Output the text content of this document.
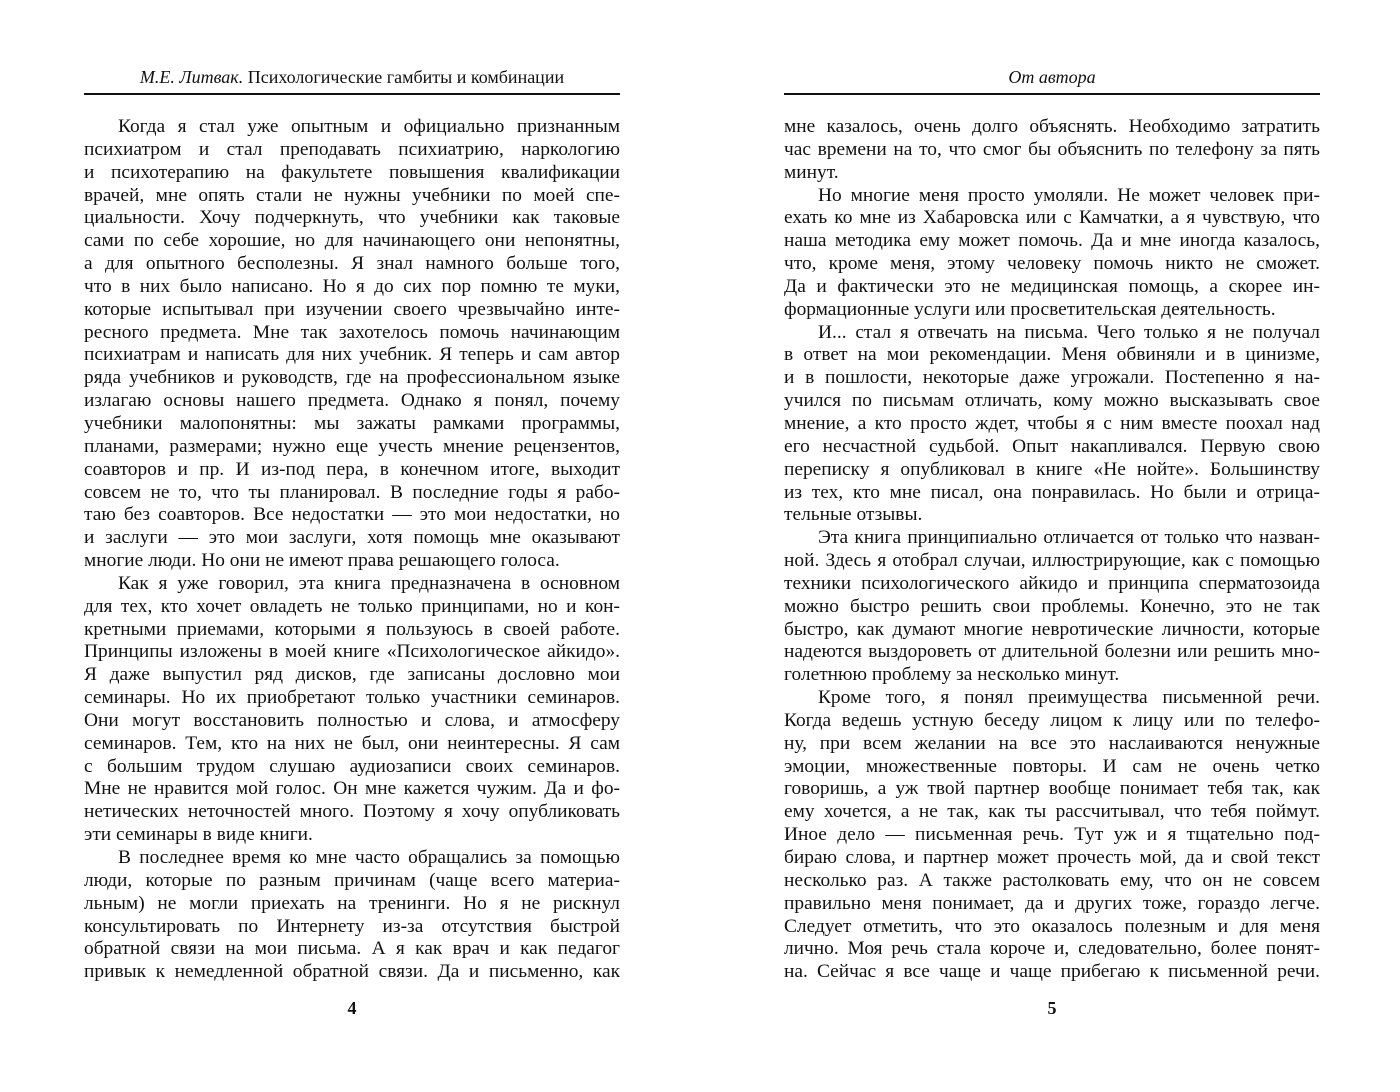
М.Е. Литвак. Психологические гамбиты и комбинации

Когда я стал уже опытным и официально признанным
психиатром и стал преподавать психиатрию, наркологию
и психотерапию на факультете повышения квалификации
врачей, мне опять стали не нужны учебники по моей спе-
циальности. Хочу подчеркнуть, что учебники как таковые
сами по себе хорошие, но для начинающего они непонятны,
а для опытного бесполезны. Я знал намного больше того,
что в них было написано. Но я до сих пор помню те муки,
которые испытывал при изучении своего чрезвычайно инте-
ресного предмета. Мне так захотелось помочь начинающим
психиатрам и написать для них учебник. Я теперь и сам автор
ряда учебников и руководств, где на профессиональном языке
излагаю основы нашего предмета. Однако я понял, почему
учебники малопонятны: мы зажаты рамками программы,
планами, размерами; нужно еще учесть мнение рецензентов,
соавторов и пр. И из-под пера, в конечном итоге, выходит
совсем не то, что ты планировал. В последние годы я рабо-
таю без соавторов. Все недостатки — это мои недостатки, но
и заслуги — это мои заслуги, хотя помощь мне оказывают
многие люди. Но они не имеют права решающего голоса.

Как я уже говорил, эта книга предназначена в основном
для тех, кто хочет овладеть не только принципами, но и кон-
кретными приемами, которыми я пользуюсь в своей работе.
Принципы изложены в моей книге «Психологическое айкидо».
Я даже выпустил ряд дисков, где записаны дословно мои
семинары. Но их приобретают только участники семинаров.
Они могут восстановить полностью и слова, и атмосферу
семинаров. Тем, кто на них не был, они неинтересны. Я сам
с большим трудом слушаю аудиозаписи своих семинаров.
Мне не нравится мой голос. Он мне кажется чужим. Да и фо-
нетических неточностей много. Поэтому я хочу опубликовать
эти семинары в виде книги.

В последнее время ко мне часто обращались за помощью
люди, которые по разным причинам (чаще всего материа-
льным) не могли приехать на тренинги. Но я не рискнул
консультировать по Интернету из-за отсутствия быстрой
обратной связи на мои письма. А я как врач и как педагог
привык к немедленной обратной связи. Да и письменно, как

4
От автора

мне казалось, очень долго объяснять. Необходимо затратить
час времени на то, что смог бы объяснить по телефону за пять
минут.

Но многие меня просто умоляли. Не может человек при-
ехать ко мне из Хабаровска или с Камчатки, а я чувствую, что
наша методика ему может помочь. Да и мне иногда казалось,
что, кроме меня, этому человеку помочь никто не сможет.
Да и фактически это не медицинская помощь, а скорее ин-
формационные услуги или просветительская деятельность.

И... стал я отвечать на письма. Чего только я не получал
в ответ на мои рекомендации. Меня обвиняли и в цинизме,
и в пошлости, некоторые даже угрожали. Постепенно я на-
учился по письмам отличать, кому можно высказывать свое
мнение, а кто просто ждет, чтобы я с ним вместе поохал над
его несчастной судьбой. Опыт накапливался. Первую свою
переписку я опубликовал в книге «Не нойте». Большинству
из тех, кто мне писал, она понравилась. Но были и отрица-
тельные отзывы.

Эта книга принципиально отличается от только что назван-
ной. Здесь я отобрал случаи, иллюстрирующие, как с помощью
техники психологического айкидо и принципа сперматозоида
можно быстро решить свои проблемы. Конечно, это не так
быстро, как думают многие невротические личности, которые
надеются выздороветь от длительной болезни или решить мно-
голетнюю проблему за несколько минут.

Кроме того, я понял преимущества письменной речи.
Когда ведешь устную беседу лицом к лицу или по телефо-
ну, при всем желании на все это наслаиваются ненужные
эмоции, множественные повторы. И сам не очень четко
говоришь, а уж твой партнер вообще понимает тебя так, как
ему хочется, а не так, как ты рассчитывал, что тебя поймут.
Иное дело — письменная речь. Тут уж и я тщательно под-
бираю слова, и партнер может прочесть мой, да и свой текст
несколько раз. А также растолковать ему, что он не совсем
правильно меня понимает, да и других тоже, гораздо легче.
Следует отметить, что это оказалось полезным и для меня
лично. Моя речь стала короче и, следовательно, более понят-
на. Сейчас я все чаще и чаще прибегаю к письменной речи.

5
